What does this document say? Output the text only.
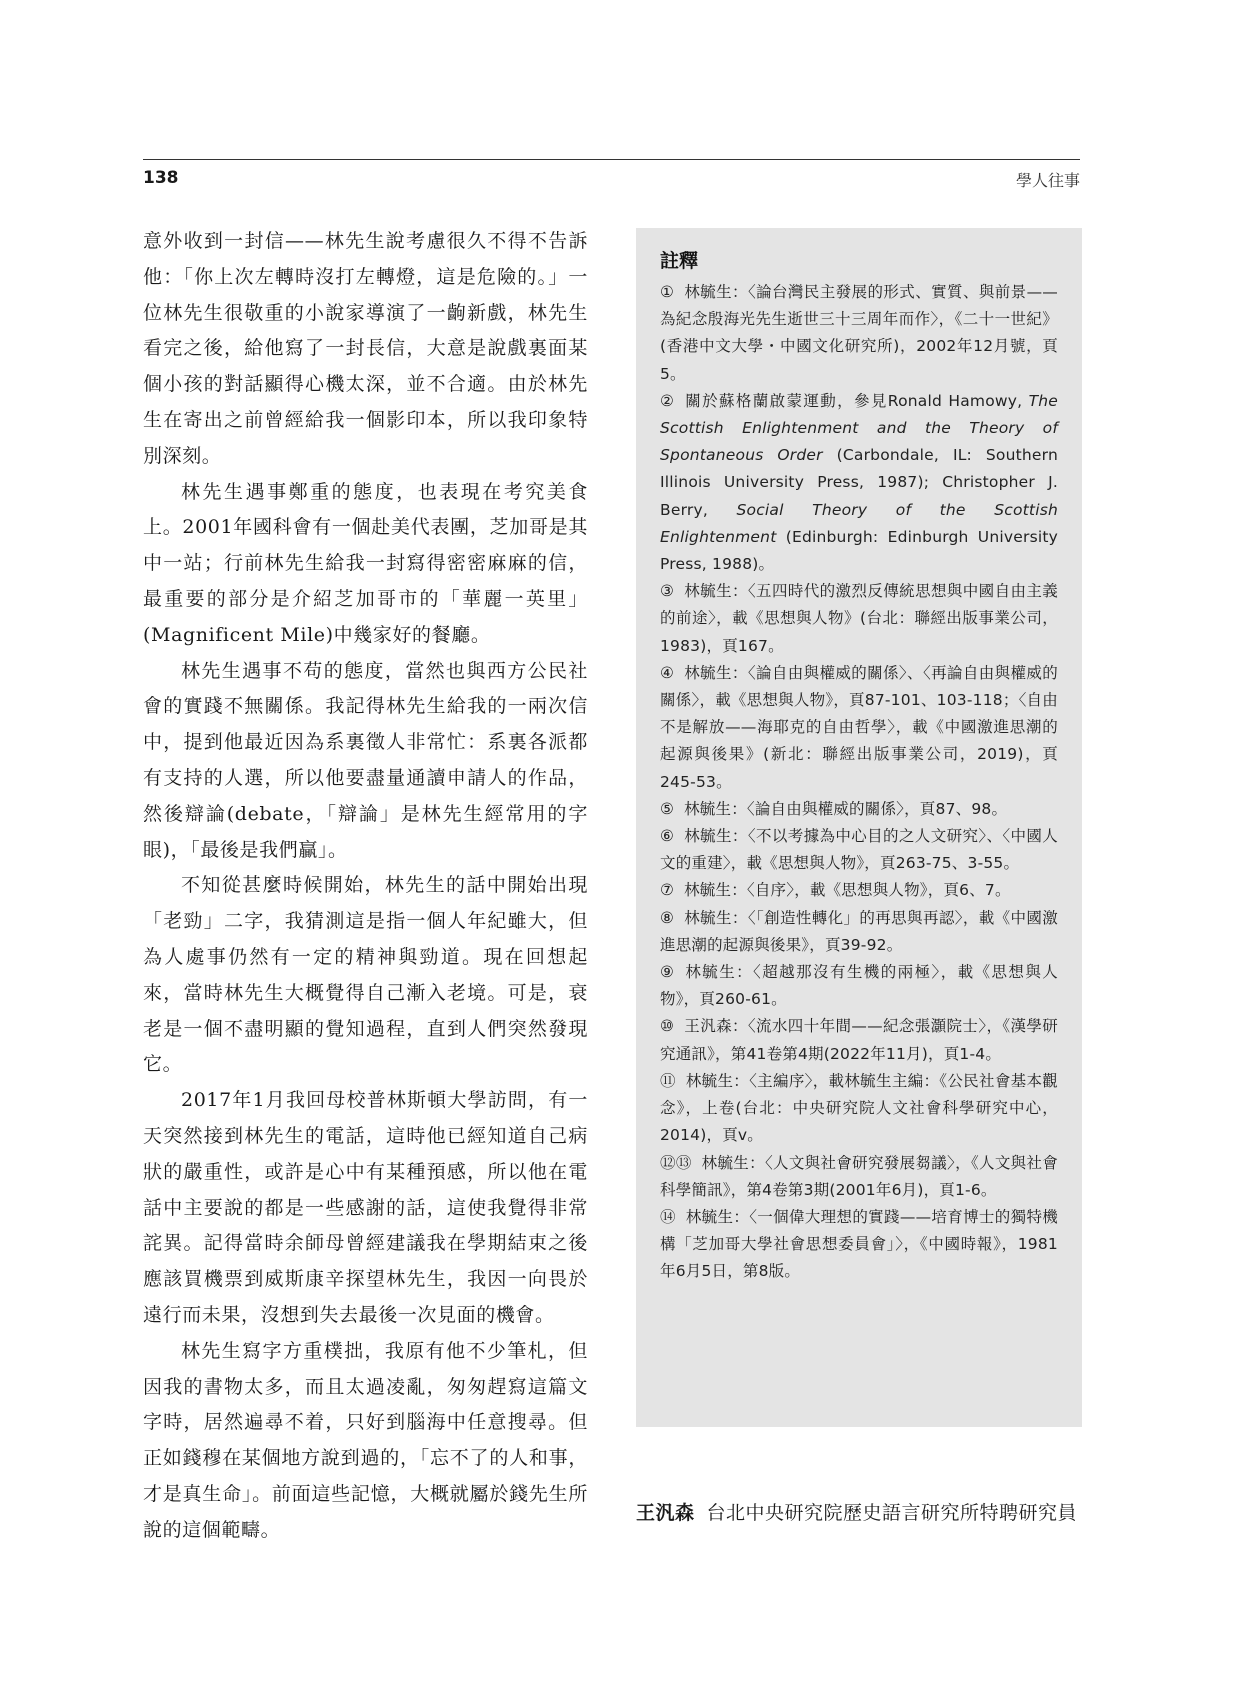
138	學人往事

意外收到一封信——林先生說考慮很久不得不告訴他：「你上次左轉時沒打左轉燈，這是危險的。」一位林先生很敬重的小說家導演了一齣新戲，林先生看完之後，給他寫了一封長信，大意是說戲裏面某個小孩的對話顯得心機太深，並不合適。由於林先生在寄出之前曾經給我一個影印本，所以我印象特別深刻。

林先生遇事鄭重的態度，也表現在考究美食上。2001年國科會有一個赴美代表團，芝加哥是其中一站；行前林先生給我一封寫得密密麻麻的信，最重要的部分是介紹芝加哥市的「華麗一英里」(Magnificent Mile)中幾家好的餐廳。

林先生遇事不苟的態度，當然也與西方公民社會的實踐不無關係。我記得林先生給我的一兩次信中，提到他最近因為系裏徵人非常忙：系裏各派都有支持的人選，所以他要盡量通讀申請人的作品，然後辯論(debate，「辯論」是林先生經常用的字眼)，「最後是我們贏」。

不知從甚麼時候開始，林先生的話中開始出現「老勁」二字，我猜測這是指一個人年紀雖大，但為人處事仍然有一定的精神與勁道。現在回想起來，當時林先生大概覺得自己漸入老境。可是，衰老是一個不盡明顯的覺知過程，直到人們突然發現它。

2017年1月我回母校普林斯頓大學訪問，有一天突然接到林先生的電話，這時他已經知道自己病狀的嚴重性，或許是心中有某種預感，所以他在電話中主要說的都是一些感謝的話，這使我覺得非常詫異。記得當時余師母曾經建議我在學期結束之後應該買機票到威斯康辛探望林先生，我因一向畏於遠行而未果，沒想到失去最後一次見面的機會。

林先生寫字方重樸拙，我原有他不少筆札，但因我的書物太多，而且太過凌亂，匆匆趕寫這篇文字時，居然遍尋不着，只好到腦海中任意搜尋。但正如錢穆在某個地方說到過的，「忘不了的人和事，才是真生命」。前面這些記憶，大概就屬於錢先生所說的這個範疇。

註釋
① 林毓生：〈論台灣民主發展的形式、實質、與前景——為紀念殷海光先生逝世三十三周年而作〉，《二十一世紀》(香港中文大學・中國文化研究所)，2002年12月號，頁5。
② 關於蘇格蘭啟蒙運動，參見Ronald Hamowy, The Scottish Enlightenment and the Theory of Spontaneous Order (Carbondale, IL: Southern Illinois University Press, 1987); Christopher J. Berry, Social Theory of the Scottish Enlightenment (Edinburgh: Edinburgh University Press, 1988)。
③ 林毓生：〈五四時代的激烈反傳統思想與中國自由主義的前途〉，載《思想與人物》(台北：聯經出版事業公司，1983)，頁167。
④ 林毓生：〈論自由與權威的關係〉、〈再論自由與權威的關係〉，載《思想與人物》，頁87-101、103-118；〈自由不是解放——海耶克的自由哲學〉，載《中國激進思潮的起源與後果》(新北：聯經出版事業公司，2019)，頁245-53。
⑤ 林毓生：〈論自由與權威的關係〉，頁87、98。
⑥ 林毓生：〈不以考據為中心目的之人文研究〉、〈中國人文的重建〉，載《思想與人物》，頁263-75、3-55。
⑦ 林毓生：〈自序〉，載《思想與人物》，頁6、7。
⑧ 林毓生：〈「創造性轉化」的再思與再認〉，載《中國激進思潮的起源與後果》，頁39-92。
⑨ 林毓生：〈超越那沒有生機的兩極〉，載《思想與人物》，頁260-61。
⑩ 王汎森：〈流水四十年間——紀念張灝院士〉，《漢學研究通訊》，第41卷第4期(2022年11月)，頁1-4。
⑪ 林毓生：〈主編序〉，載林毓生主編：《公民社會基本觀念》，上卷(台北：中央研究院人文社會科學研究中心，2014)，頁v。
⑫⑬ 林毓生：〈人文與社會研究發展芻議〉，《人文與社會科學簡訊》，第4卷第3期(2001年6月)，頁1-6。
⑭ 林毓生：〈一個偉大理想的實踐——培育博士的獨特機構「芝加哥大學社會思想委員會」〉，《中國時報》，1981年6月5日，第8版。
王汎森 台北中央研究院歷史語言研究所特聘研究員
